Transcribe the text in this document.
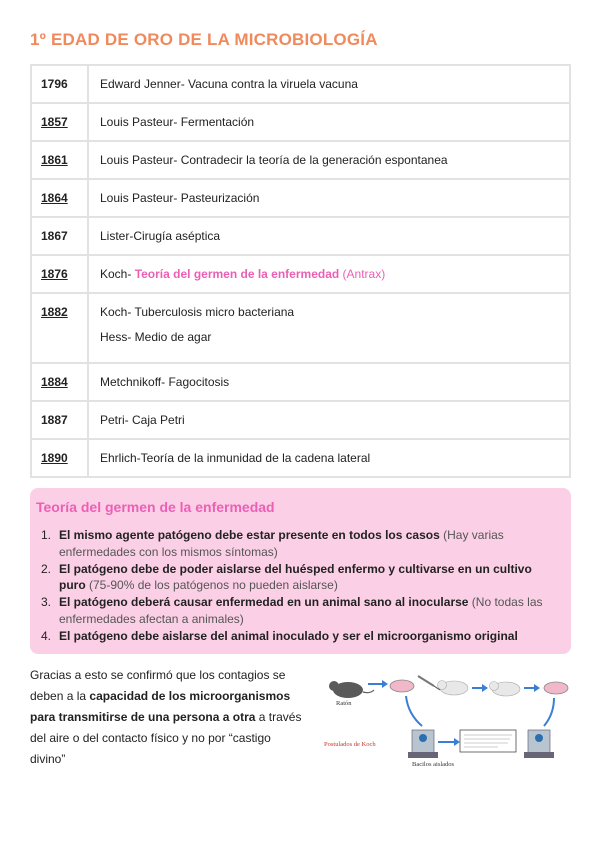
1º EDAD DE ORO DE LA MICROBIOLOGÍA
1796	Edward Jenner- Vacuna contra la viruela vacuna

1857	Louis Pasteur- Fermentación

1861	Louis Pasteur- Contradecir la teoría de la generación espontanea

1864	Louis Pasteur- Pasteurización

1867	Lister-Cirugía aséptica

1876	Koch- Teoría del germen de la enfermedad (Antrax)

1882	Koch- Tuberculosis micro bacteriana
Hess- Medio de agar

1884	Metchnikoff- Fagocitosis

1887	Petri- Caja Petri

1890	Ehrlich-Teoría de la inmunidad de la cadena lateral
Teoría del germen de la enfermedad
1. El mismo agente patógeno debe estar presente en todos los casos (Hay varias enfermedades con los mismos síntomas)
2. El patógeno debe de poder aislarse del huésped enfermo y cultivarse en un cultivo puro (75-90% de los patógenos no pueden aislarse)
3. El patógeno deberá causar enfermedad en un animal sano al inocularse (No todas las enfermedades afectan a animales)
4. El patógeno debe aislarse del animal inoculado y ser el microorganismo original
Gracias a esto se confirmó que los contagios se deben a la capacidad de los microorganismos para transmitirse de una persona a otra a través del aire o del contacto físico y no por “castigo divino”
Ratón
Postulados de Koch
Bacilos aislados
